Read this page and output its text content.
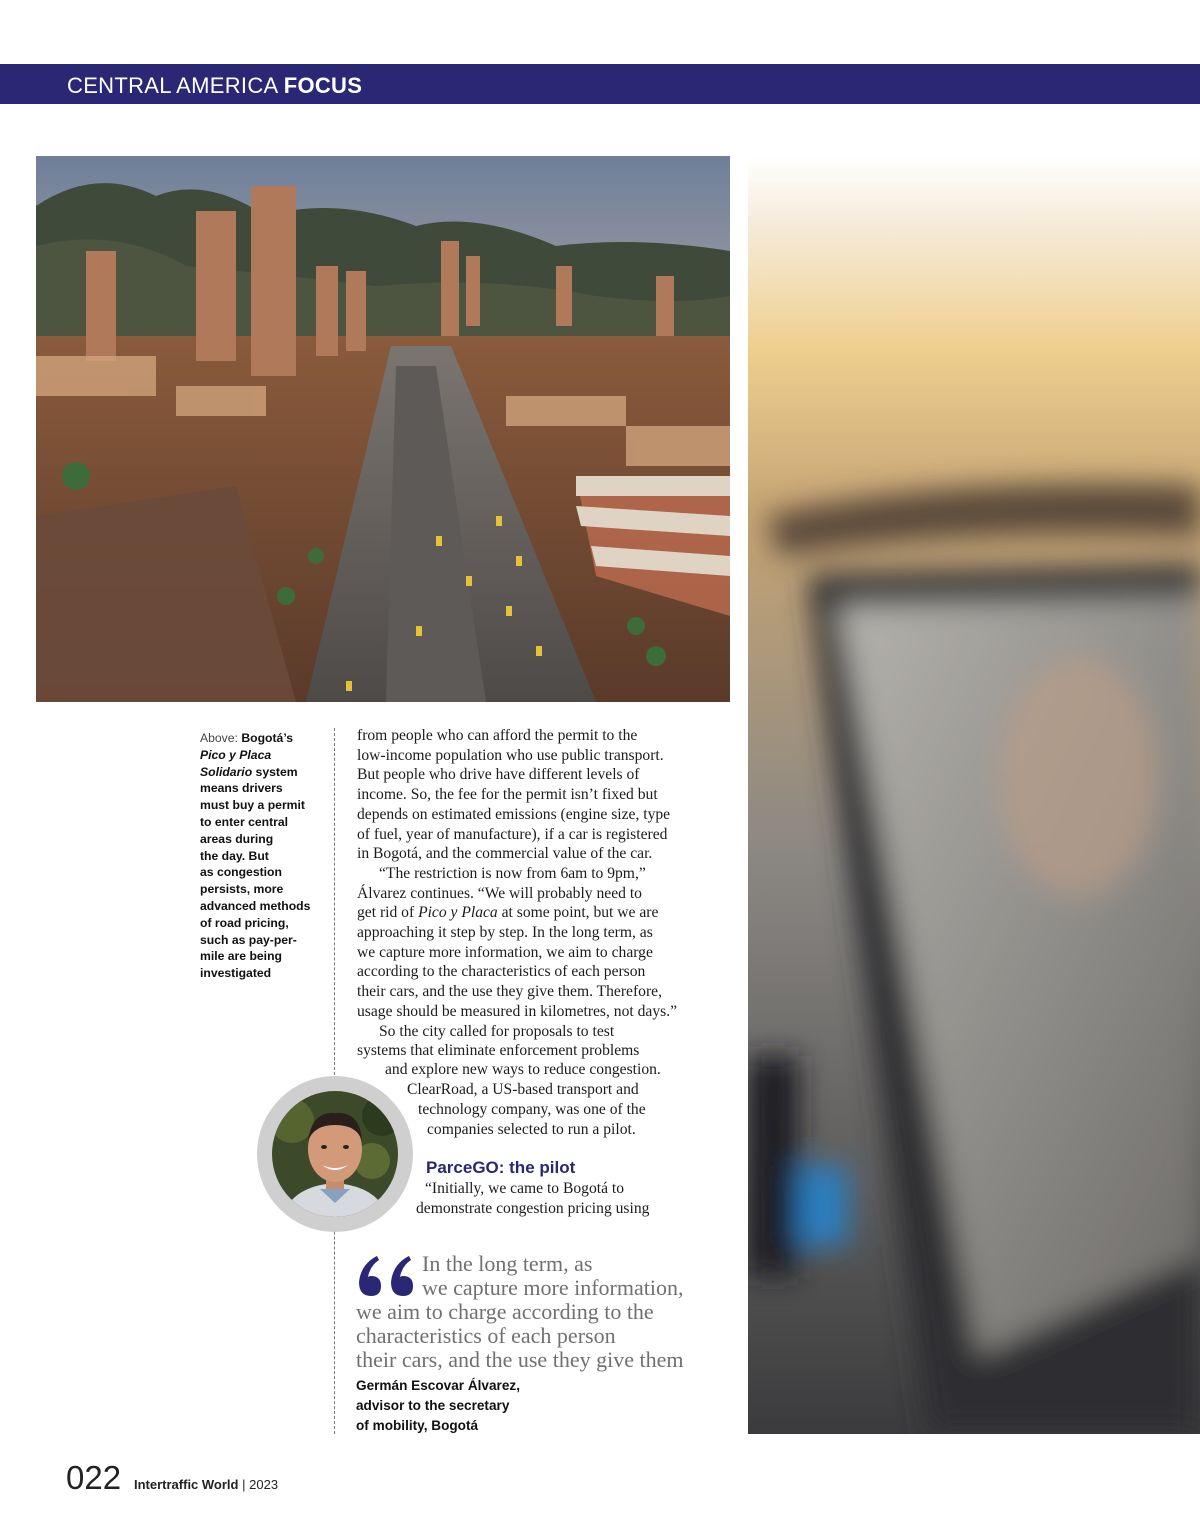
CENTRAL AMERICA FOCUS
Above: Bogotá’s
Pico y Placa
Solidario system
means drivers
must buy a permit
to enter central
areas during
the day. But
as congestion
persists, more
advanced methods
of road pricing,
such as pay-per-
mile are being
investigated
from people who can afford the permit to the
low-income population who use public transport.
But people who drive have different levels of
income. So, the fee for the permit isn’t fixed but
depends on estimated emissions (engine size, type
of fuel, year of manufacture), if a car is registered
in Bogotá, and the commercial value of the car.
“The restriction is now from 6am to 9pm,”
Álvarez continues. “We will probably need to
get rid of Pico y Placa at some point, but we are
approaching it step by step. In the long term, as
we capture more information, we aim to charge
according to the characteristics of each person
their cars, and the use they give them. Therefore,
usage should be measured in kilometres, not days.”
So the city called for proposals to test
systems that eliminate enforcement problems
and explore new ways to reduce congestion.
ClearRoad, a US-based transport and
technology company, was one of the
companies selected to run a pilot.
ParceGO: the pilot
“Initially, we came to Bogotá to
demonstrate congestion pricing using
In the long term, as
we capture more information,
we aim to charge according to the
characteristics of each person
their cars, and the use they give them
Germán Escovar Álvarez,
advisor to the secretary
of mobility, Bogotá
022 Intertraffic World | 2023
